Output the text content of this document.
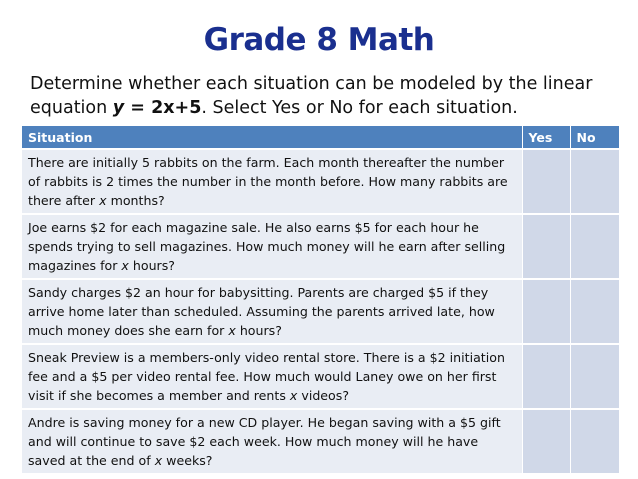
Grade 8 Math
Determine whether each situation can be modeled by the linear equation y = 2x+5. Select Yes or No for each situation.
Situation	Yes	No
There are initially 5 rabbits on the farm. Each month thereafter the number of rabbits is 2 times the number in the month before. How many rabbits are there after x months?		
Joe earns $2 for each magazine sale. He also earns $5 for each hour he spends trying to sell magazines. How much money will he earn after selling magazines for x hours?		
Sandy charges $2 an hour for babysitting. Parents are charged $5 if they arrive home later than scheduled. Assuming the parents arrived late, how much money does she earn for x hours?		
Sneak Preview is a members-only video rental store. There is a $2 initiation fee and a $5 per video rental fee. How much would Laney owe on her first visit if she becomes a member and rents x videos?		
Andre is saving money for a new CD player. He began saving with a $5 gift and will continue to save $2 each week. How much money will he have saved at the end of x weeks?		
